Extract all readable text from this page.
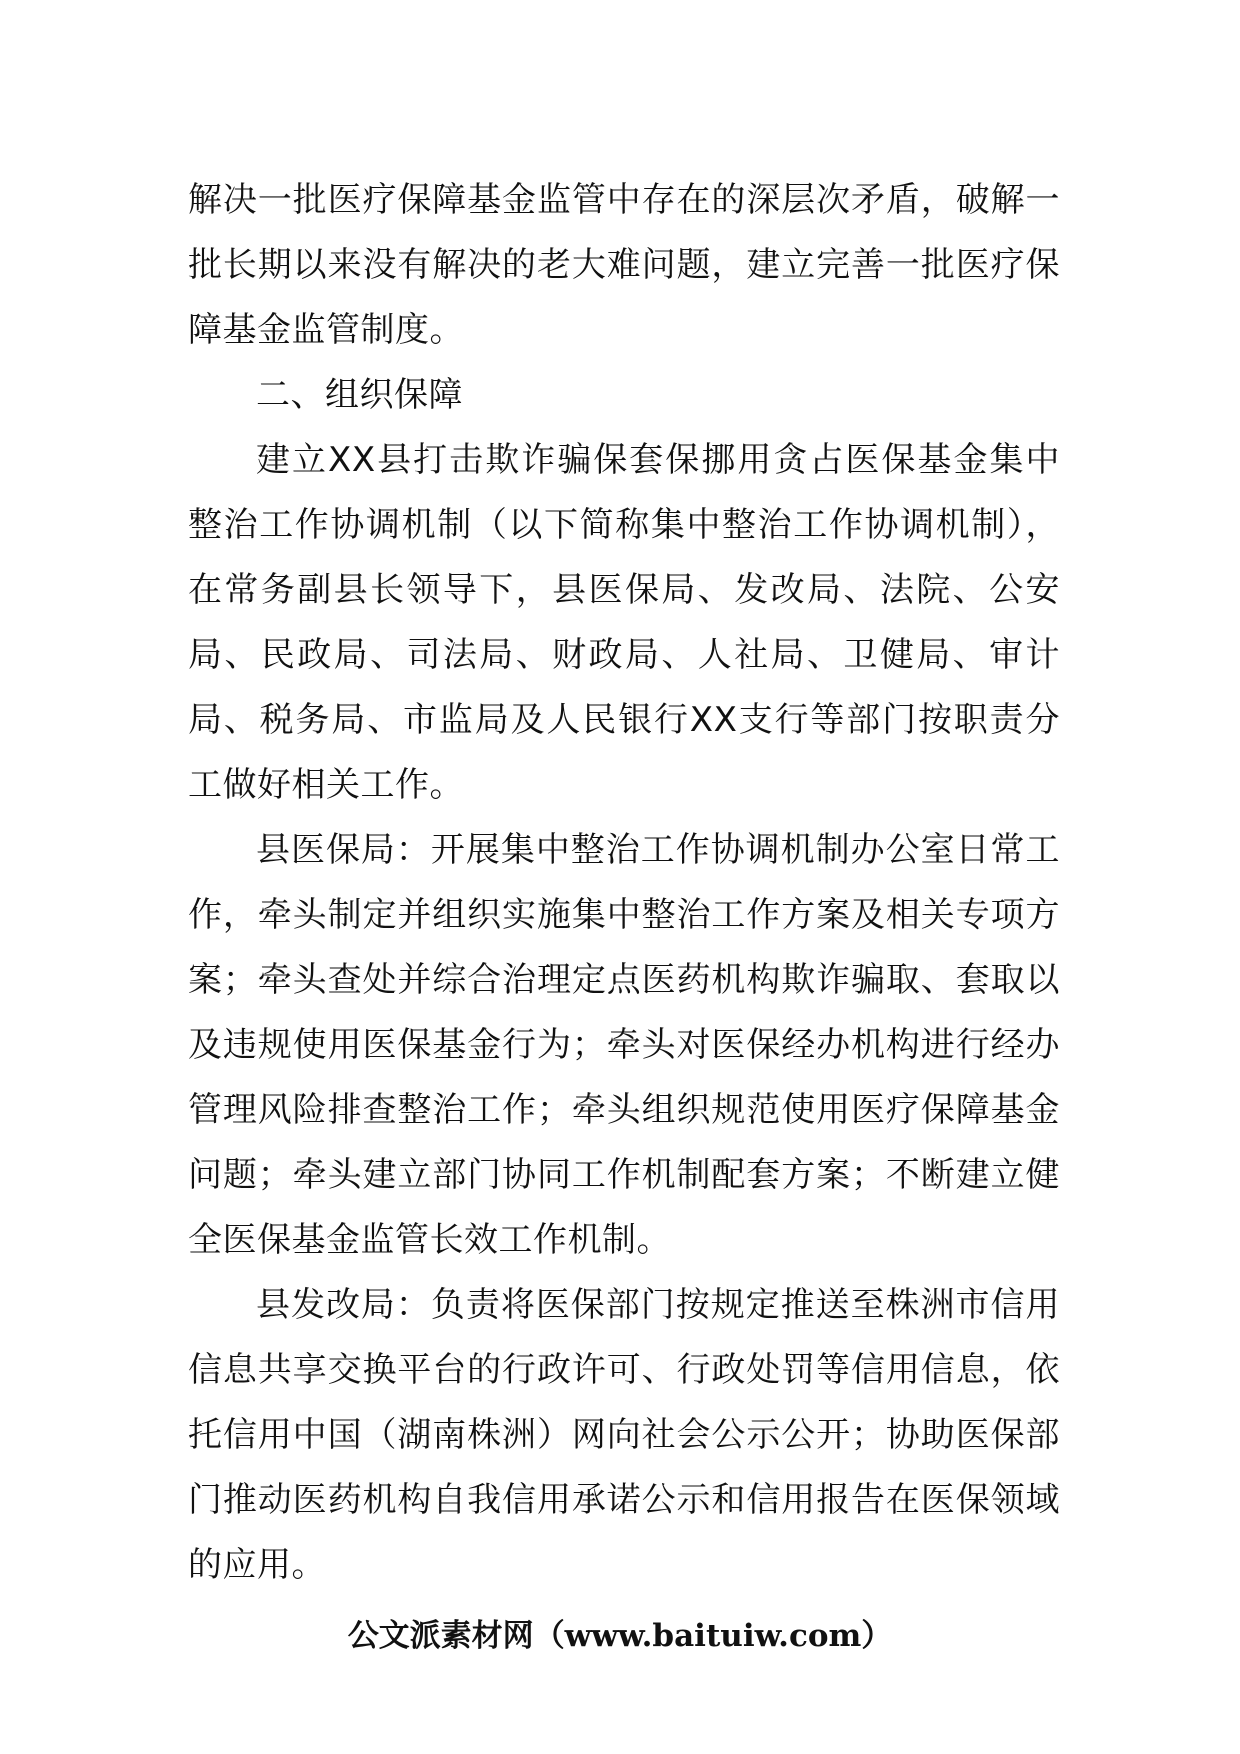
解决一批医疗保障基金监管中存在的深层次矛盾，破解一批长期以来没有解决的老大难问题，建立完善一批医疗保障基金监管制度。

二、组织保障

建立XX县打击欺诈骗保套保挪用贪占医保基金集中整治工作协调机制（以下简称集中整治工作协调机制），在常务副县长领导下，县医保局、发改局、法院、公安局、民政局、司法局、财政局、人社局、卫健局、审计局、税务局、市监局及人民银行XX支行等部门按职责分工做好相关工作。

县医保局：开展集中整治工作协调机制办公室日常工作，牵头制定并组织实施集中整治工作方案及相关专项方案；牵头查处并综合治理定点医药机构欺诈骗取、套取以及违规使用医保基金行为；牵头对医保经办机构进行经办管理风险排查整治工作；牵头组织规范使用医疗保障基金问题；牵头建立部门协同工作机制配套方案；不断建立健全医保基金监管长效工作机制。

县发改局：负责将医保部门按规定推送至株洲市信用信息共享交换平台的行政许可、行政处罚等信用信息，依托信用中国（湖南株洲）网向社会公示公开；协助医保部门推动医药机构自我信用承诺公示和信用报告在医保领域的应用。

公文派素材网（www.baituiw.com）
